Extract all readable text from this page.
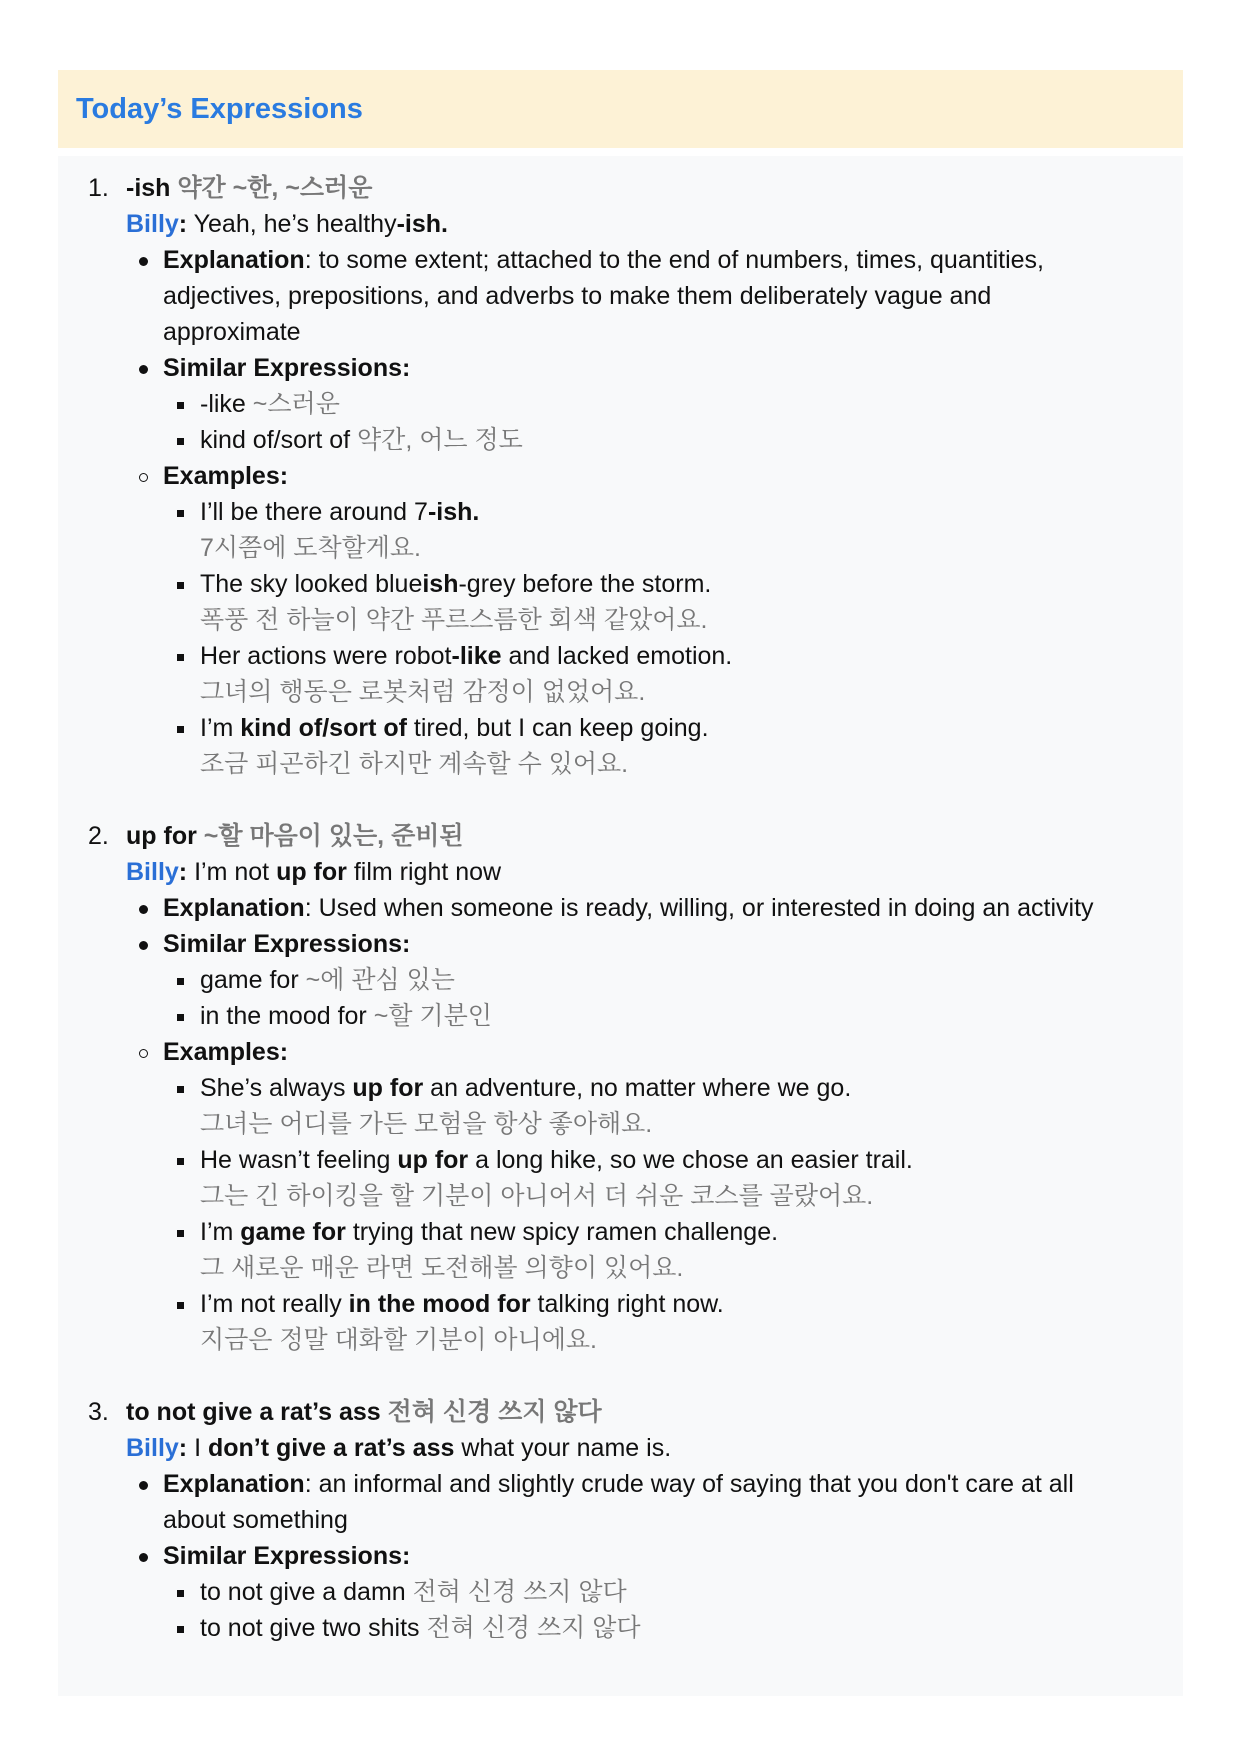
Today’s Expressions
1. -ish 약간 ~한, ~스러운
Billy: Yeah, he’s healthy-ish.
Explanation: to some extent; attached to the end of numbers, times, quantities, adjectives, prepositions, and adverbs to make them deliberately vague and approximate
Similar Expressions:
-like ~스러운
kind of/sort of 약간, 어느 정도
Examples:
I’ll be there around 7-ish.
7시쯤에 도착할게요.
The sky looked blueish-grey before the storm.
폭풍 전 하늘이 약간 푸르스름한 회색 같았어요.
Her actions were robot-like and lacked emotion.
그녀의 행동은 로봇처럼 감정이 없었어요.
I’m kind of/sort of tired, but I can keep going.
조금 피곤하긴 하지만 계속할 수 있어요.
2. up for ~할 마음이 있는, 준비된
Billy: I’m not up for film right now
Explanation: Used when someone is ready, willing, or interested in doing an activity
Similar Expressions:
game for ~에 관심 있는
in the mood for ~할 기분인
Examples:
She’s always up for an adventure, no matter where we go.
그녀는 어디를 가든 모험을 항상 좋아해요.
He wasn’t feeling up for a long hike, so we chose an easier trail.
그는 긴 하이킹을 할 기분이 아니어서 더 쉬운 코스를 골랐어요.
I’m game for trying that new spicy ramen challenge.
그 새로운 매운 라면 도전해볼 의향이 있어요.
I’m not really in the mood for talking right now.
지금은 정말 대화할 기분이 아니에요.
3. to not give a rat’s ass 전혀 신경 쓰지 않다
Billy: I don’t give a rat’s ass what your name is.
Explanation: an informal and slightly crude way of saying that you don't care at all about something
Similar Expressions:
to not give a damn 전혀 신경 쓰지 않다
to not give two shits 전혀 신경 쓰지 않다
